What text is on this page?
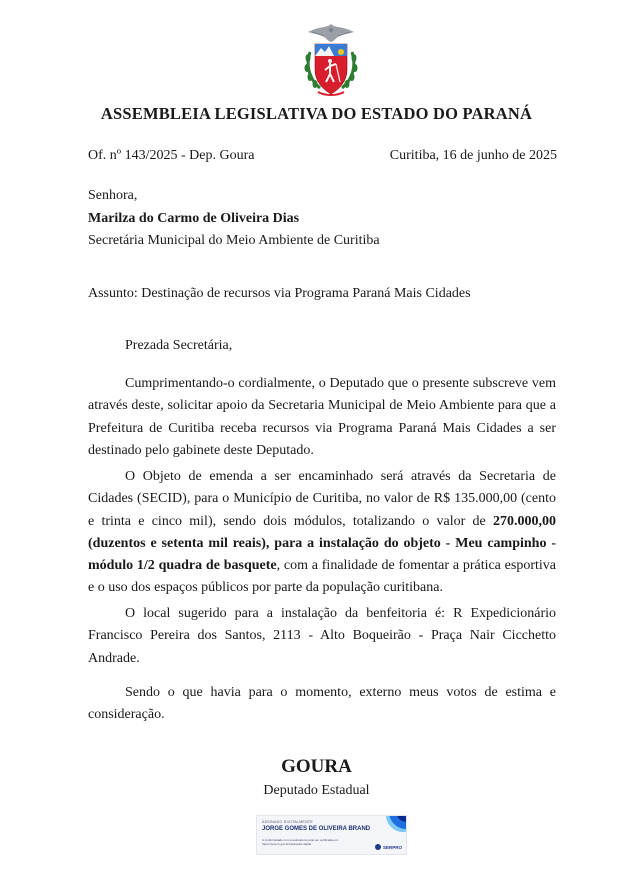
ASSEMBLEIA LEGISLATIVA DO ESTADO DO PARANÁ
Of. nº 143/2025 - Dep. Goura	Curitiba, 16 de junho de 2025
Senhora,
Marilza do Carmo de Oliveira Dias
Secretária Municipal do Meio Ambiente de Curitiba
Assunto: Destinação de recursos via Programa Paraná Mais Cidades
Prezada Secretária,

Cumprimentando-o cordialmente, o Deputado que o presente subscreve vem através deste, solicitar apoio da Secretaria Municipal de Meio Ambiente para que a Prefeitura de Curitiba receba recursos via Programa Paraná Mais Cidades a ser destinado pelo gabinete deste Deputado.

O Objeto de emenda a ser encaminhado será através da Secretaria de Cidades (SECID), para o Município de Curitiba, no valor de R$ 135.000,00 (cento e trinta e cinco mil), sendo dois módulos, totalizando o valor de 270.000,00 (duzentos e setenta mil reais), para a instalação do objeto - Meu campinho - módulo 1/2 quadra de basquete, com a finalidade de fomentar a prática esportiva e o uso dos espaços públicos por parte da população curitibana.

O local sugerido para a instalação da benfeitoria é: R Expedicionário Francisco Pereira dos Santos, 2113 - Alto Boqueirão - Praça Nair Cicchetto Andrade.

Sendo o que havia para o momento, externo meus votos de estima e consideração.

GOURA
Deputado Estadual
ASSINADO DIGITALMENTE
JORGE GOMES DE OLIVEIRA BRAND
A conformidade com a assinatura pode ser verificada em: https://serpro.gov.br/assinador-digital
SERPRO
